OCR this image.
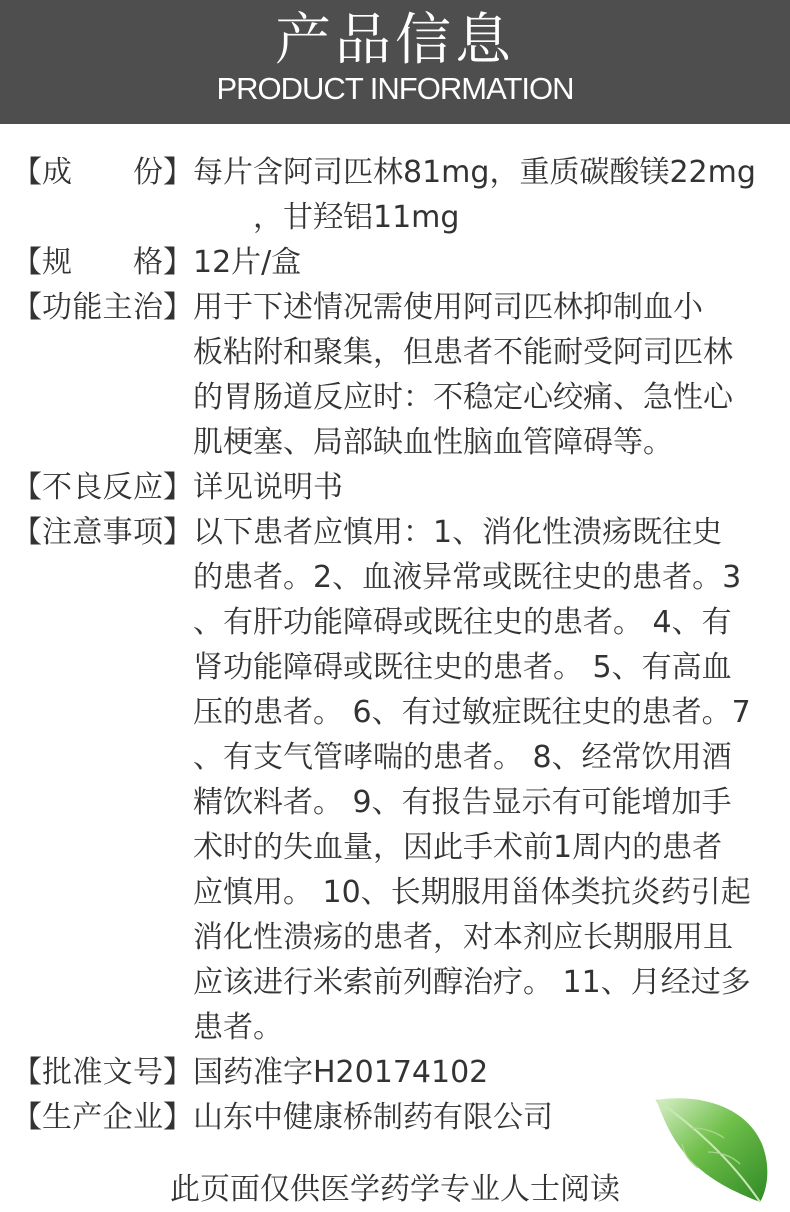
产品信息
PRODUCT INFORMATION
【 成　　份 】 每片含阿司匹林81mg，重质碳酸镁22mg
　　，甘羟铝11mg
【 规　　格 】 12片/盒
【 功能主治 】 用于下述情况需使用阿司匹林抑制血小
板粘附和聚集，但患者不能耐受阿司匹林
的胃肠道反应时：不稳定心绞痛、急性心
肌梗塞、局部缺血性脑血管障碍等。
【 不良反应 】 详见说明书
【 注意事项 】 以下患者应慎用：1、消化性溃疡既往史
的患者。2、血液异常或既往史的患者。3
、有肝功能障碍或既往史的患者。 4、有
肾功能障碍或既往史的患者。 5、有高血
压的患者。 6、有过敏症既往史的患者。7
、有支气管哮喘的患者。 8、经常饮用酒
精饮料者。 9、有报告显示有可能增加手
术时的失血量，因此手术前1周内的患者
应慎用。 10、长期服用甾体类抗炎药引起
消化性溃疡的患者，对本剂应长期服用且
应该进行米索前列醇治疗。 11、月经过多
患者。
【 批准文号 】 国药准字H20174102
【 生产企业 】 山东中健康桥制药有限公司
此页面仅供医学药学专业人士阅读
